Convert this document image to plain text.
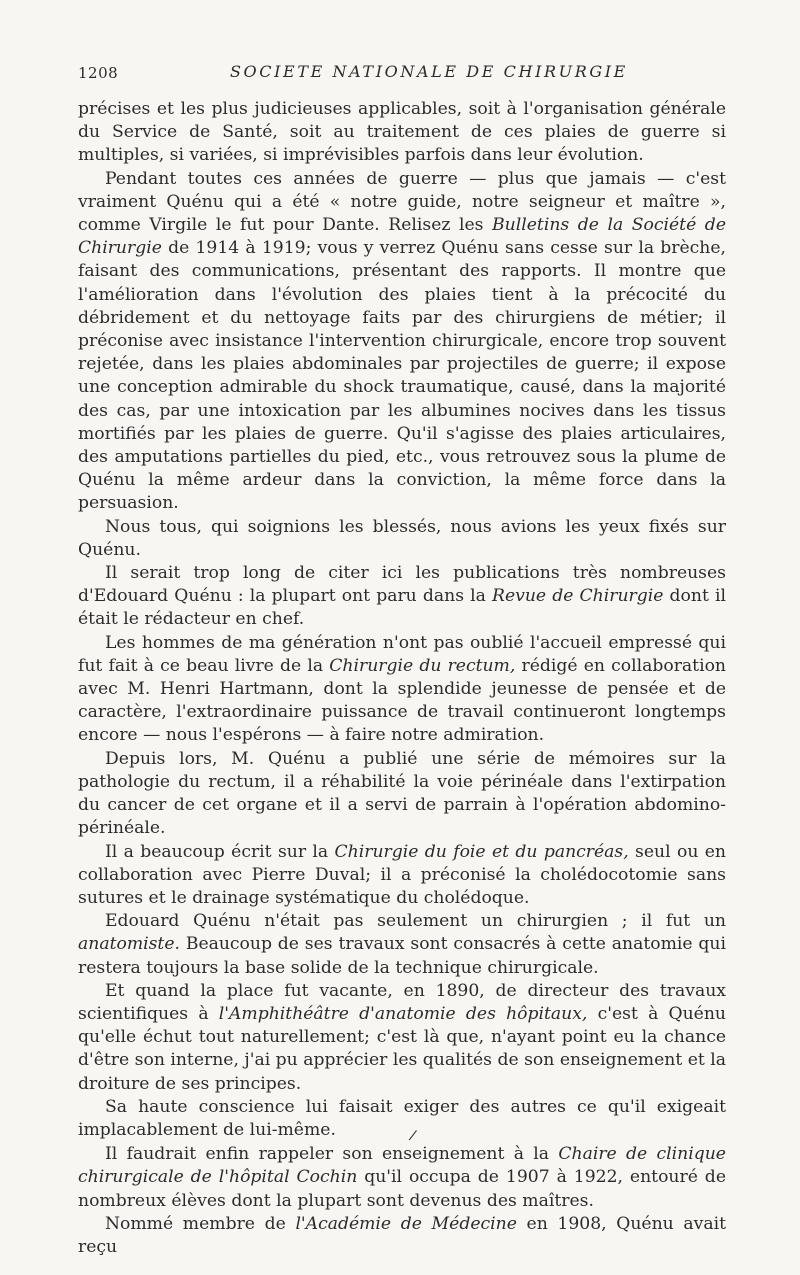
1208	SOCIETE NATIONALE DE CHIRURGIE

précises et les plus judicieuses applicables, soit à l'organisation générale du Service de Santé, soit au traitement de ces plaies de guerre si multiples, si variées, si imprévisibles parfois dans leur évolution.

Pendant toutes ces années de guerre — plus que jamais — c'est vraiment Quénu qui a été « notre guide, notre seigneur et maître », comme Virgile le fut pour Dante. Relisez les Bulletins de la Société de Chirurgie de 1914 à 1919; vous y verrez Quénu sans cesse sur la brèche, faisant des communications, présentant des rapports. Il montre que l'amélioration dans l'évolution des plaies tient à la précocité du débridement et du nettoyage faits par des chirurgiens de métier; il préconise avec insistance l'intervention chirurgicale, encore trop souvent rejetée, dans les plaies abdominales par projectiles de guerre; il expose une conception admirable du shock traumatique, causé, dans la majorité des cas, par une intoxication par les albumines nocives dans les tissus mortifiés par les plaies de guerre. Qu'il s'agisse des plaies articulaires, des amputations partielles du pied, etc., vous retrouvez sous la plume de Quénu la même ardeur dans la conviction, la même force dans la persuasion.

Nous tous, qui soignions les blessés, nous avions les yeux fixés sur Quénu.

Il serait trop long de citer ici les publications très nombreuses d'Edouard Quénu : la plupart ont paru dans la Revue de Chirurgie dont il était le rédacteur en chef.

Les hommes de ma génération n'ont pas oublié l'accueil empressé qui fut fait à ce beau livre de la Chirurgie du rectum, rédigé en collaboration avec M. Henri Hartmann, dont la splendide jeunesse de pensée et de caractère, l'extraordinaire puissance de travail continueront longtemps encore — nous l'espérons — à faire notre admiration.

Depuis lors, M. Quénu a publié une série de mémoires sur la pathologie du rectum, il a réhabilité la voie périnéale dans l'extirpation du cancer de cet organe et il a servi de parrain à l'opération abdomino-périnéale.

Il a beaucoup écrit sur la Chirurgie du foie et du pancréas, seul ou en collaboration avec Pierre Duval; il a préconisé la cholédocotomie sans sutures et le drainage systématique du cholédoque.

Edouard Quénu n'était pas seulement un chirurgien ; il fut un anatomiste. Beaucoup de ses travaux sont consacrés à cette anatomie qui restera toujours la base solide de la technique chirurgicale.

Et quand la place fut vacante, en 1890, de directeur des travaux scientifiques à l'Amphithéâtre d'anatomie des hôpitaux, c'est à Quénu qu'elle échut tout naturellement; c'est là que, n'ayant point eu la chance d'être son interne, j'ai pu apprécier les qualités de son enseignement et la droiture de ses principes.

Sa haute conscience lui faisait exiger des autres ce qu'il exigeait implacablement de lui-même.	/

Il faudrait enfin rappeler son enseignement à la Chaire de clinique chirurgicale de l'hôpital Cochin qu'il occupa de 1907 à 1922, entouré de nombreux élèves dont la plupart sont devenus des maîtres.

Nommé membre de l'Académie de Médecine en 1908, Quénu avait reçu
